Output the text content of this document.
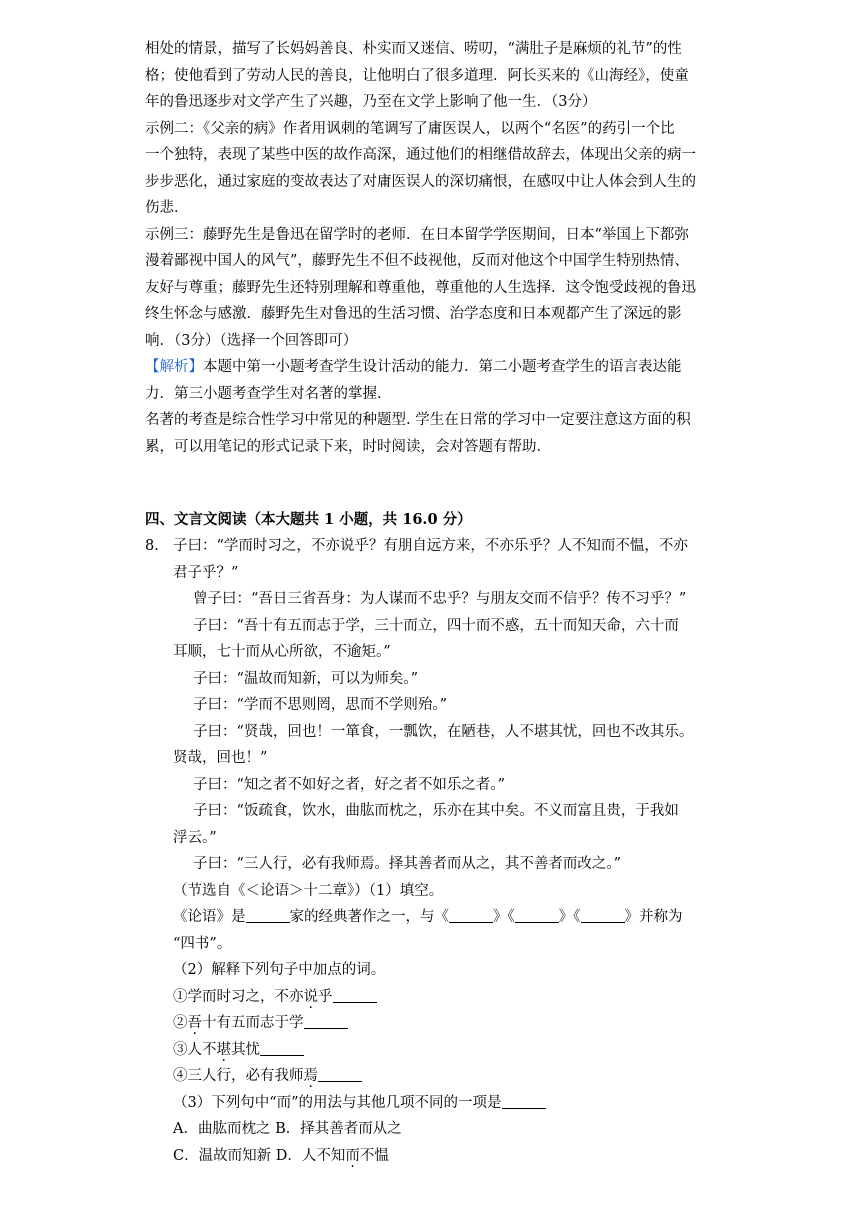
相处的情景，描写了长妈妈善良、朴实而又迷信、唠叨，“满肚子是麻烦的礼节”的性
格；使他看到了劳动人民的善良，让他明白了很多道理．阿长买来的《山海经》，使童
年的鲁迅逐步对文学产生了兴趣，乃至在文学上影响了他一生．（3分）
示例二：《父亲的病》作者用讽刺的笔调写了庸医误人，以两个“名医”的药引一个比
一个独特，表现了某些中医的故作高深，通过他们的相继借故辞去，体现出父亲的病一
步步恶化，通过家庭的变故表达了对庸医误人的深切痛恨，在感叹中让人体会到人生的
伤悲．
示例三：藤野先生是鲁迅在留学时的老师．在日本留学学医期间，日本“举国上下都弥
漫着鄙视中国人的风气”，藤野先生不但不歧视他，反而对他这个中国学生特别热情、
友好与尊重；藤野先生还特别理解和尊重他，尊重他的人生选择．这令饱受歧视的鲁迅
终生怀念与感激．藤野先生对鲁迅的生活习惯、治学态度和日本观都产生了深远的影
响．（3分）（选择一个回答即可）
【解析】本题中第一小题考查学生设计活动的能力．第二小题考查学生的语言表达能
力．第三小题考查学生对名著的掌握．
名著的考查是综合性学习中常见的种题型. 学生在日常的学习中一定要注意这方面的积
累，可以用笔记的形式记录下来，时时阅读，会对答题有帮助．
四、文言文阅读（本大题共 1 小题，共 16.0 分）
8. 子曰：“学而时习之，不亦说乎？有朋自远方来，不亦乐乎？人不知而不愠，不亦
君子乎？”
曾子曰：“吾日三省吾身：为人谋而不忠乎？与朋友交而不信乎？传不习乎？”
子曰：“吾十有五而志于学，三十而立，四十而不惑，五十而知天命，六十而
耳顺，七十而从心所欲，不逾矩。”
子曰：“温故而知新，可以为师矣。”
子曰：“学而不思则罔，思而不学则殆。”
子曰：“贤哉，回也！一箪食，一瓢饮，在陋巷，人不堪其忧，回也不改其乐。
贤哉，回也！”
子曰：“知之者不如好之者，好之者不如乐之者。”
子曰：“饭疏食，饮水，曲肱而枕之，乐亦在其中矣。不义而富且贵，于我如
浮云。”
子曰：“三人行，必有我师焉。择其善者而从之，其不善者而改之。”
（节选自《＜论语＞十二章》）（1）填空。
《论语》是	家的经典著作之一，与《	》《	》《	》并称为
“四书”。
（2）解释下列句子中加点的词。
①学而时习之，不亦说乎
②吾十有五而志于学
③人不堪其忧
④三人行，必有我师焉
（3）下列句中“而”的用法与其他几项不同的一项是
A．曲肱而枕之 B．择其善者而从之
C．温故而知新 D．人不知而不愠
